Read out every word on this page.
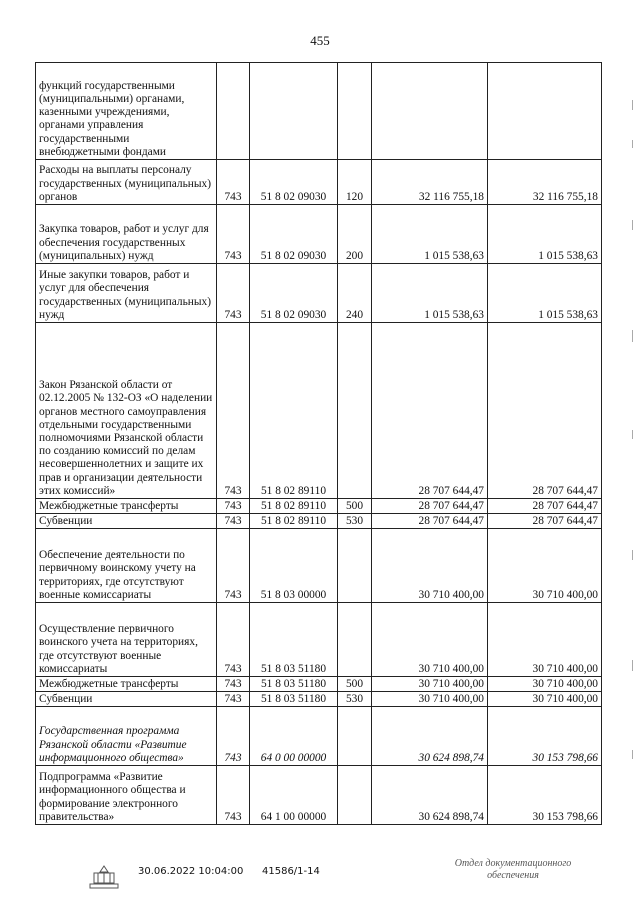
455
функций государственными (муниципальными) органами, казенными учреждениями, органами управления государственными внебюджетными фондами					
Расходы на выплаты персоналу государственных (муниципальных) органов	743	51 8 02 09030	120	32 116 755,18	32 116 755,18
Закупка товаров, работ и услуг для обеспечения государственных (муниципальных) нужд	743	51 8 02 09030	200	1 015 538,63	1 015 538,63
Иные закупки товаров, работ и услуг для обеспечения государственных (муниципальных) нужд	743	51 8 02 09030	240	1 015 538,63	1 015 538,63
Закон Рязанской области от 02.12.2005 № 132-ОЗ «О наделении органов местного самоуправления отдельными государственными полномочиями Рязанской области по созданию комиссий по делам несовершеннолетних и защите их прав и организации деятельности этих комиссий»	743	51 8 02 89110		28 707 644,47	28 707 644,47
Межбюджетные трансферты	743	51 8 02 89110	500	28 707 644,47	28 707 644,47
Субвенции	743	51 8 02 89110	530	28 707 644,47	28 707 644,47
Обеспечение деятельности по первичному воинскому учету на территориях, где отсутствуют военные комиссариаты	743	51 8 03 00000		30 710 400,00	30 710 400,00
Осуществление первичного воинского учета на территориях, где отсутствуют военные комиссариаты	743	51 8 03 51180		30 710 400,00	30 710 400,00
Межбюджетные трансферты	743	51 8 03 51180	500	30 710 400,00	30 710 400,00
Субвенции	743	51 8 03 51180	530	30 710 400,00	30 710 400,00
Государственная программа Рязанской области «Развитие информационного общества»	743	64 0 00 00000		30 624 898,74	30 153 798,66
Подпрограмма «Развитие информационного общества и формирование электронного правительства»	743	64 1 00 00000		30 624 898,74	30 153 798,66
30.06.2022 10:04:00 41586/1-14
Отдел документационного обеспечения
